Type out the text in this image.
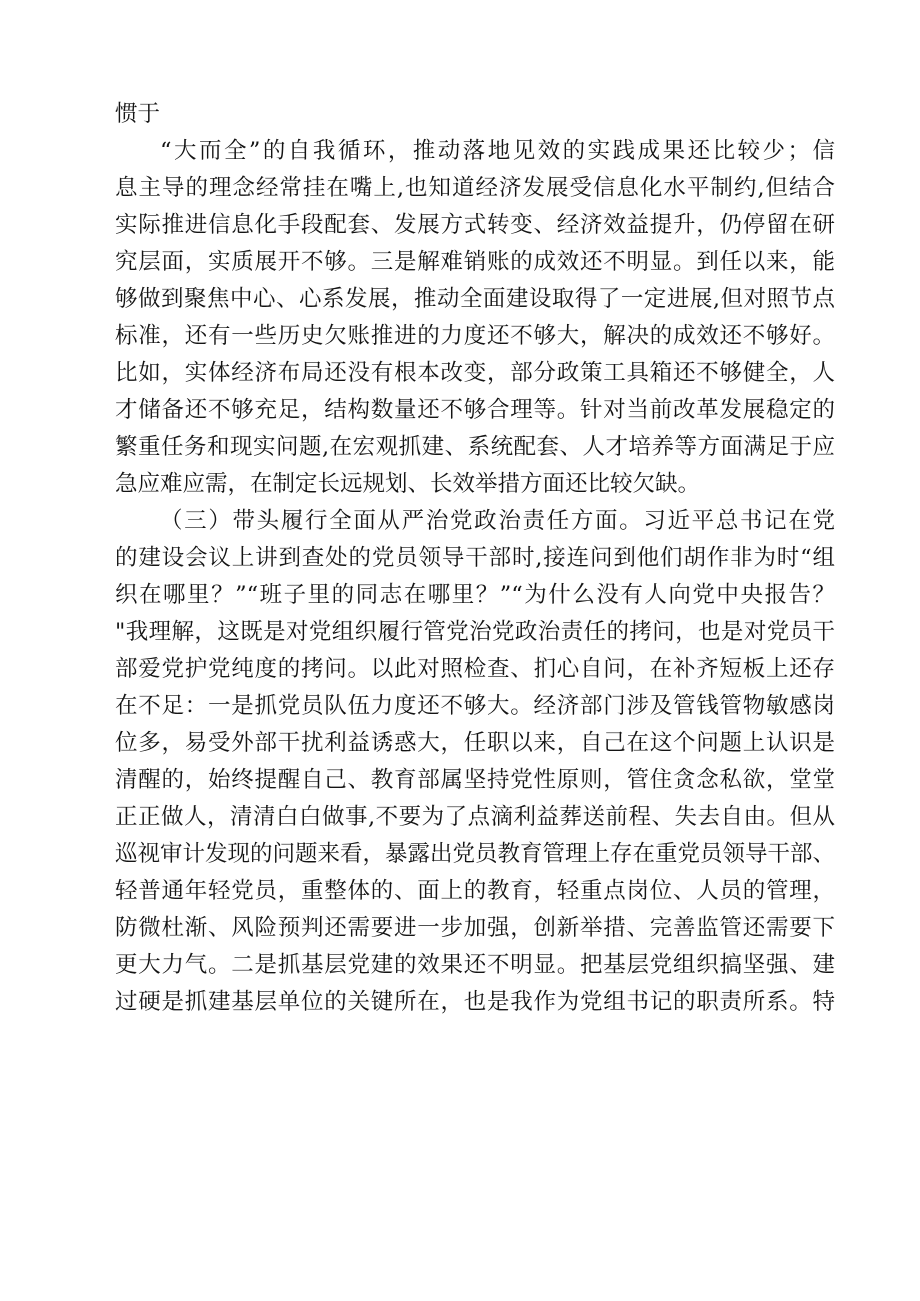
惯于
“大而全”的自我循环，推动落地见效的实践成果还比较少；信
息主导的理念经常挂在嘴上,也知道经济发展受信息化水平制约,但结合
实际推进信息化手段配套、发展方式转变、经济效益提升，仍停留在研
究层面，实质展开不够。三是解难销账的成效还不明显。到任以来，能
够做到聚焦中心、心系发展，推动全面建设取得了一定进展,但对照节点
标准，还有一些历史欠账推进的力度还不够大，解决的成效还不够好。
比如，实体经济布局还没有根本改变，部分政策工具箱还不够健全，人
才储备还不够充足，结构数量还不够合理等。针对当前改革发展稳定的
繁重任务和现实问题,在宏观抓建、系统配套、人才培养等方面满足于应
急应难应需，在制定长远规划、长效举措方面还比较欠缺。
（三）带头履行全面从严治党政治责任方面。习近平总书记在党
的建设会议上讲到查处的党员领导干部时,接连问到他们胡作非为时“组
织在哪里？”“班子里的同志在哪里？”“为什么没有人向党中央报告？
"我理解，这既是对党组织履行管党治党政治责任的拷问，也是对党员干
部爱党护党纯度的拷问。以此对照检查、扪心自问，在补齐短板上还存
在不足：一是抓党员队伍力度还不够大。经济部门涉及管钱管物敏感岗
位多，易受外部干扰利益诱惑大，任职以来，自己在这个问题上认识是
清醒的，始终提醒自己、教育部属坚持党性原则，管住贪念私欲，堂堂
正正做人，清清白白做事,不要为了点滴利益葬送前程、失去自由。但从
巡视审计发现的问题来看，暴露出党员教育管理上存在重党员领导干部、
轻普通年轻党员，重整体的、面上的教育，轻重点岗位、人员的管理，
防微杜渐、风险预判还需要进一步加强，创新举措、完善监管还需要下
更大力气。二是抓基层党建的效果还不明显。把基层党组织搞坚强、建
过硬是抓建基层单位的关键所在，也是我作为党组书记的职责所系。特
